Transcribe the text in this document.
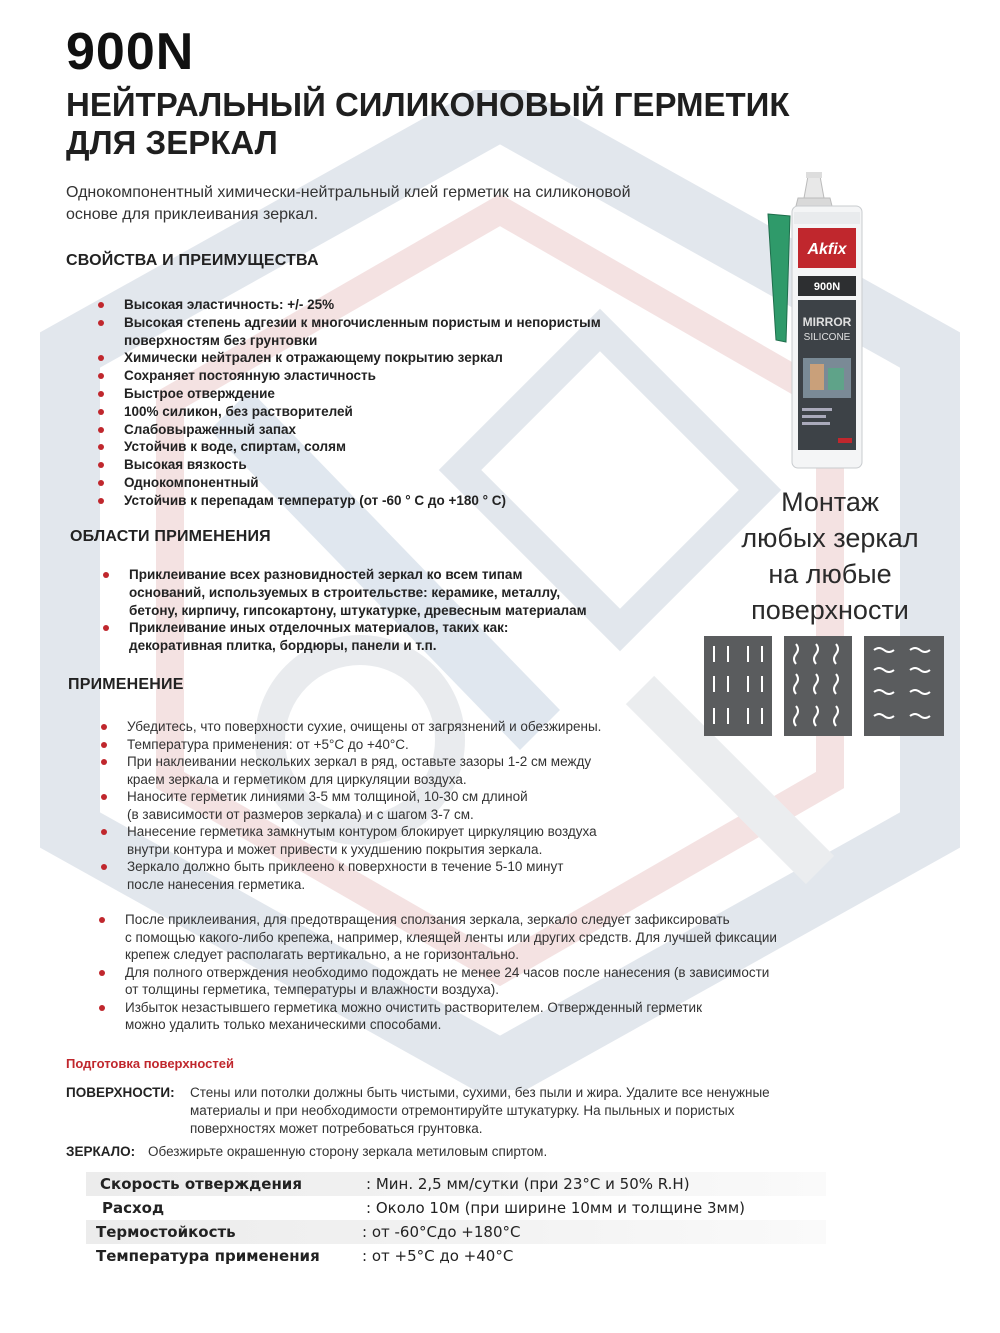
900N
НЕЙТРАЛЬНЫЙ СИЛИКОНОВЫЙ ГЕРМЕТИК
ДЛЯ ЗЕРКАЛ
Однокомпонентный химически-нейтральный клей герметик на силиконовой
основе для приклеивания зеркал.
СВОЙСТВА И ПРЕИМУЩЕСТВА
Высокая эластичность: +/- 25%
Высокая степень адгезии к многочисленным пористым и непористым
поверхностям без грунтовки
Химически нейтрален к отражающему покрытию зеркал
Сохраняет постоянную эластичность
Быстрое отверждение
100% силикон, без растворителей
Слабовыраженный запах
Устойчив к воде, спиртам, солям
Высокая вязкость
Однокомпонентный
Устойчив к перепадам температур (от -60 ° С до +180 ° С)
ОБЛАСТИ ПРИМЕНЕНИЯ
Приклеивание всех разновидностей зеркал ко всем типам
оснований, используемых в строительстве: керамике, металлу,
бетону, кирпичу, гипсокартону, штукатурке, древесным материалам
Приклеивание иных отделочных материалов, таких как:
декоративная плитка, бордюры, панели и т.п.
ПРИМЕНЕНИЕ
Убедитесь, что поверхности сухие, очищены от загрязнений и обезжирены.
Температура применения: от +5°С до +40°С.
При наклеивании нескольких зеркал в ряд, оставьте зазоры 1-2 см между
краем зеркала и герметиком для циркуляции воздуха.
Наносите герметик линиями 3-5 мм толщиной, 10-30 см длиной
(в зависимости от размеров зеркала) и с шагом 3-7 см.
Нанесение герметика замкнутым контуром блокирует циркуляцию воздуха
внутри контура и может привести к ухудшению покрытия зеркала.
Зеркало должно быть приклеено к поверхности в течение 5-10 минут
после нанесения герметика.
После приклеивания, для предотвращения сползания зеркала, зеркало следует зафиксировать
с помощью какого-либо крепежа, например, клеящей ленты или других средств. Для лучшей фиксации
крепеж следует располагать вертикально, а не горизонтально.
Для полного отверждения необходимо подождать не менее 24 часов после нанесения (в зависимости
от толщины герметика, температуры и влажности воздуха).
Избыток незастывшего герметика можно очистить растворителем. Отвержденный герметик
можно удалить только механическими способами.
Подготовка поверхностей
ПОВЕРХНОСТИ: Стены или потолки должны быть чистыми, сухими, без пыли и жира. Удалите все ненужные
материалы и при необходимости отремонтируйте штукатурку. На пыльных и пористых
поверхностях может потребоваться грунтовка.
ЗЕРКАЛО: Обезжирьте окрашенную сторону зеркала метиловым спиртом.
Скорость отверждения	: Мин. 2,5 мм/сутки (при 23°С и 50% R.H)
Расход	: Около 10м (при ширине 10мм и толщине 3мм)
Термостойкость	: от -60°Сдо +180°С
Температура применения	: от +5°С до +40°С
Akfix
900N
MIRROR
SILICONE
Монтаж
любых зеркал
на любые
поверхности
